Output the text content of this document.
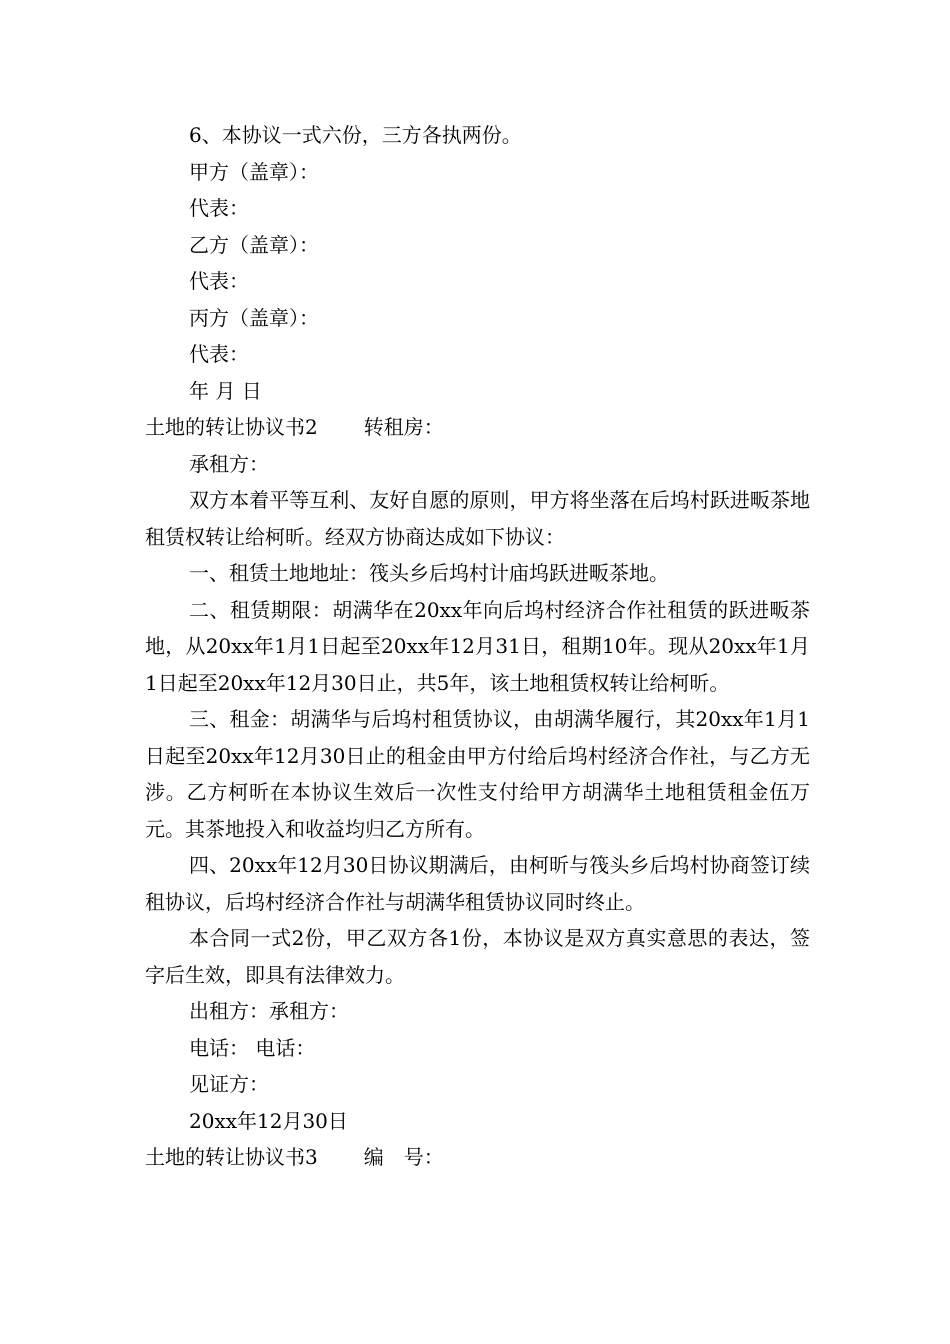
6、本协议一式六份，三方各执两份。

甲方（盖章）：

代表：

乙方（盖章）：

代表：

丙方（盖章）：

代表：

年 月 日

土地的转让协议书2 转租房：

承租方：

双方本着平等互利、友好自愿的原则，甲方将坐落在后坞村跃进畈茶地租赁权转让给柯昕。经双方协商达成如下协议：

一、租赁土地地址：筏头乡后坞村计庙坞跃进畈茶地。

二、租赁期限：胡满华在20xx年向后坞村经济合作社租赁的跃进畈茶地，从20xx年1月1日起至20xx年12月31日，租期10年。现从20xx年1月1日起至20xx年12月30日止，共5年，该土地租赁权转让给柯昕。

三、租金：胡满华与后坞村租赁协议，由胡满华履行，其20xx年1月1日起至20xx年12月30日止的租金由甲方付给后坞村经济合作社，与乙方无涉。乙方柯昕在本协议生效后一次性支付给甲方胡满华土地租赁租金伍万元。其茶地投入和收益均归乙方所有。

四、20xx年12月30日协议期满后，由柯昕与筏头乡后坞村协商签订续租协议，后坞村经济合作社与胡满华租赁协议同时终止。

本合同一式2份，甲乙双方各1份，本协议是双方真实意思的表达，签字后生效，即具有法律效力。

出租方：承租方：

电话： 电话：

见证方：

20xx年12月30日

土地的转让协议书3 编　号：
